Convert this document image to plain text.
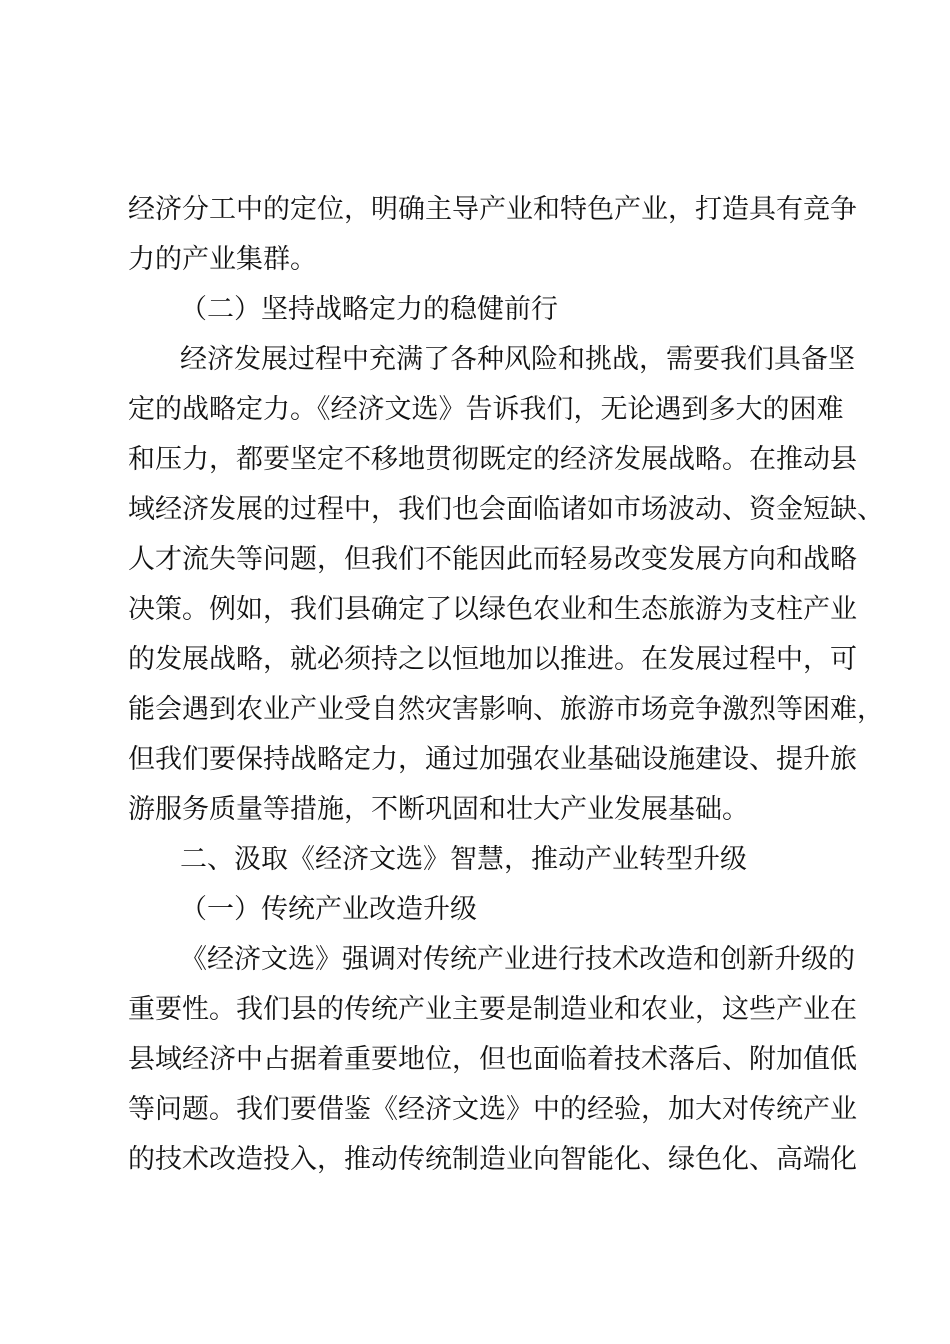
经济分工中的定位，明确主导产业和特色产业，打造具有竞争
力的产业集群。
（二）坚持战略定力的稳健前行
经济发展过程中充满了各种风险和挑战，需要我们具备坚
定的战略定力。《经济文选》告诉我们，无论遇到多大的困难
和压力，都要坚定不移地贯彻既定的经济发展战略。在推动县
域经济发展的过程中，我们也会面临诸如市场波动、资金短缺、
人才流失等问题，但我们不能因此而轻易改变发展方向和战略
决策。例如，我们县确定了以绿色农业和生态旅游为支柱产业
的发展战略，就必须持之以恒地加以推进。在发展过程中，可
能会遇到农业产业受自然灾害影响、旅游市场竞争激烈等困难，
但我们要保持战略定力，通过加强农业基础设施建设、提升旅
游服务质量等措施，不断巩固和壮大产业发展基础。
二、汲取《经济文选》智慧，推动产业转型升级
（一）传统产业改造升级
《经济文选》强调对传统产业进行技术改造和创新升级的
重要性。我们县的传统产业主要是制造业和农业，这些产业在
县域经济中占据着重要地位，但也面临着技术落后、附加值低
等问题。我们要借鉴《经济文选》中的经验，加大对传统产业
的技术改造投入，推动传统制造业向智能化、绿色化、高端化
